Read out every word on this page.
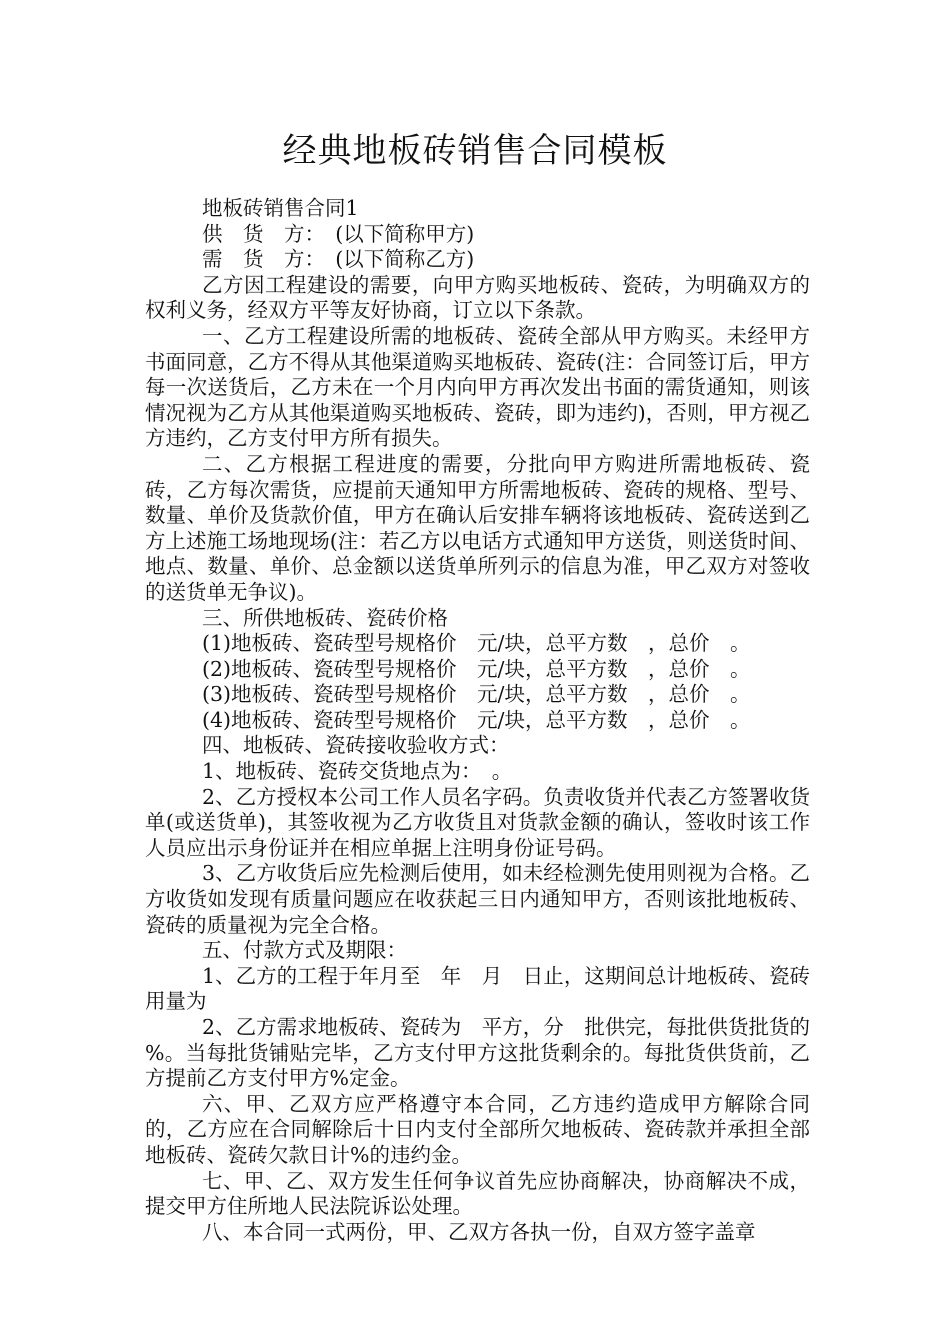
经典地板砖销售合同模板

地板砖销售合同1

供　货　方：　(以下简称甲方)

需　货　方：　(以下简称乙方)

乙方因工程建设的需要，向甲方购买地板砖、瓷砖，为明确双方的权利义务，经双方平等友好协商，订立以下条款。

一、乙方工程建设所需的地板砖、瓷砖全部从甲方购买。未经甲方书面同意，乙方不得从其他渠道购买地板砖、瓷砖(注：合同签订后，甲方每一次送货后，乙方未在一个月内向甲方再次发出书面的需货通知，则该情况视为乙方从其他渠道购买地板砖、瓷砖，即为违约)，否则，甲方视乙方违约，乙方支付甲方所有损失。

二、乙方根据工程进度的需要，分批向甲方购进所需地板砖、瓷砖，乙方每次需货，应提前天通知甲方所需地板砖、瓷砖的规格、型号、数量、单价及货款价值，甲方在确认后安排车辆将该地板砖、瓷砖送到乙方上述施工场地现场(注：若乙方以电话方式通知甲方送货，则送货时间、地点、数量、单价、总金额以送货单所列示的信息为准，甲乙双方对签收的送货单无争议)。

三、所供地板砖、瓷砖价格

(1)地板砖、瓷砖型号规格价　元/块，总平方数　，总价　。

(2)地板砖、瓷砖型号规格价　元/块，总平方数　，总价　。

(3)地板砖、瓷砖型号规格价　元/块，总平方数　，总价　。

(4)地板砖、瓷砖型号规格价　元/块，总平方数　，总价　。

四、地板砖、瓷砖接收验收方式：

1、地板砖、瓷砖交货地点为：　。

2、乙方授权本公司工作人员名字码。负责收货并代表乙方签署收货单(或送货单)，其签收视为乙方收货且对货款金额的确认，签收时该工作人员应出示身份证并在相应单据上注明身份证号码。

3、乙方收货后应先检测后使用，如未经检测先使用则视为合格。乙方收货如发现有质量问题应在收获起三日内通知甲方，否则该批地板砖、瓷砖的质量视为完全合格。

五、付款方式及期限：

1、乙方的工程于年月至　年　月　日止，这期间总计地板砖、瓷砖用量为

2、乙方需求地板砖、瓷砖为　平方，分　批供完，每批供货批货的　%。当每批货铺贴完毕，乙方支付甲方这批货剩余的。每批货供货前，乙方提前乙方支付甲方%定金。

六、甲、乙双方应严格遵守本合同，乙方违约造成甲方解除合同的，乙方应在合同解除后十日内支付全部所欠地板砖、瓷砖款并承担全部地板砖、瓷砖欠款日计%的违约金。

七、甲、乙、双方发生任何争议首先应协商解决，协商解决不成，提交甲方住所地人民法院诉讼处理。

八、本合同一式两份，甲、乙双方各执一份，自双方签字盖章
